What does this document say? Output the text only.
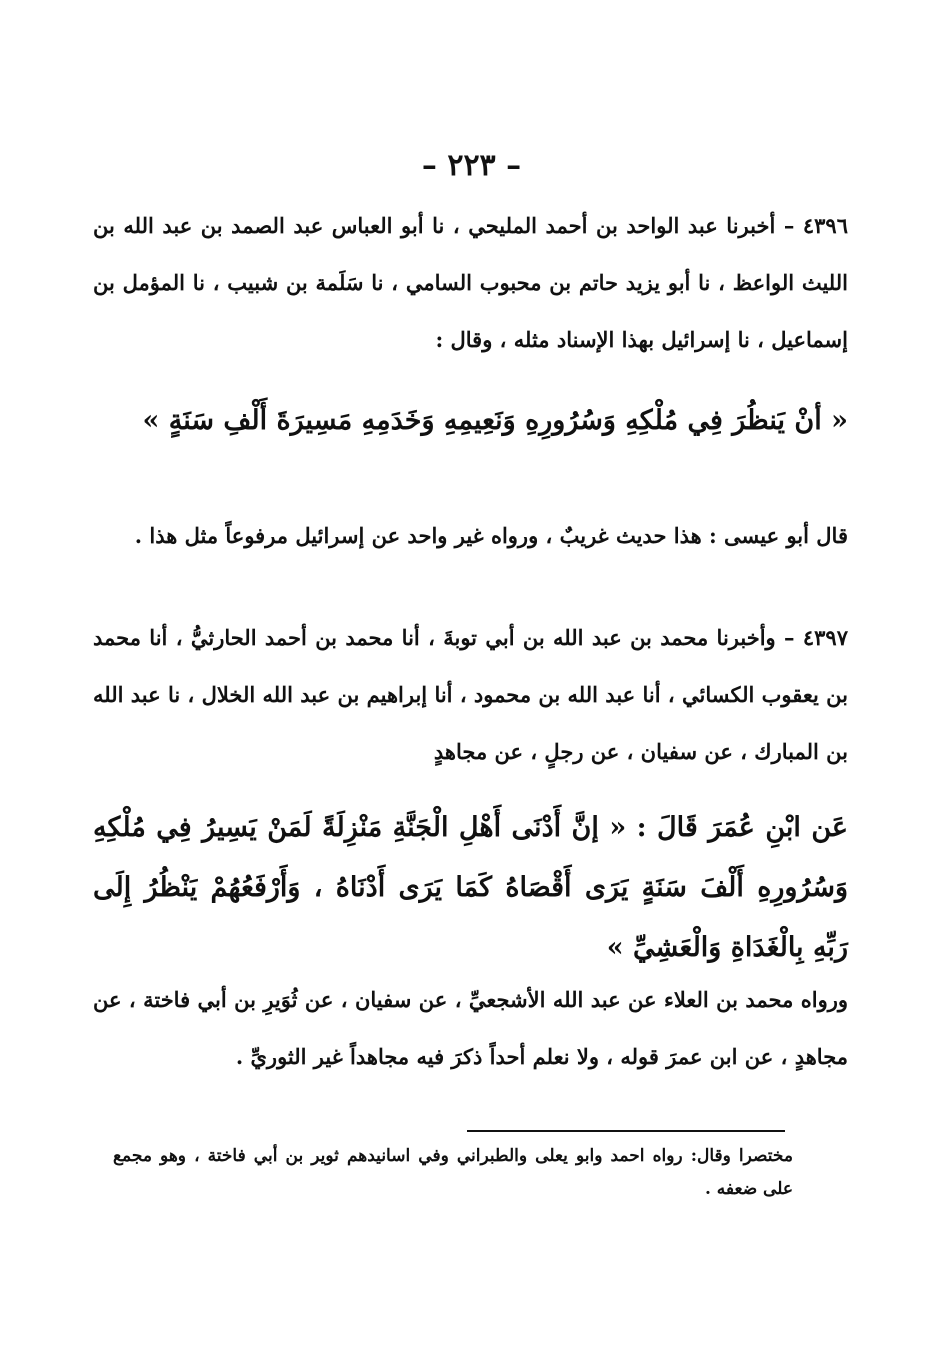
– ٢٢٣ –
٤٣٩٦ – أخبرنا عبد الواحد بن أحمد المليحي ، نا أبو العباس عبد الصمد بن عبد الله بن الليث الواعظ ، نا أبو يزيد حاتم بن محبوب السامي ، نا سَلَمة بن شبيب ، نا المؤمل بن إسماعيل ، نا إسرائيل بهذا الإسناد مثله ، وقال :
« أنْ يَنظُرَ فِي مُلْكِهِ وَسُرُورِهِ وَنَعِيمِهِ وَخَدَمِهِ مَسِيرَةَ أَلْفِ سَنَةٍ »
قال أبو عيسى : هذا حديث غريبٌ ، ورواه غير واحد عن إسرائيل مرفوعاً مثل هذا .
٤٣٩٧ – وأخبرنا محمد بن عبد الله بن أبي توبةَ ، أنا محمد بن أحمد الحارثيُّ ، أنا محمد بن يعقوب الكسائي ، أنا عبد الله بن محمود ، أنا إبراهيم بن عبد الله الخلال ، نا عبد الله بن المبارك ، عن سفيان ، عن رجلٍ ، عن مجاهدٍ
عَن ابْنِ عُمَرَ قَالَ : « إنَّ أَدْنَى أَهْلِ الْجَنَّةِ مَنْزِلَةً لَمَنْ يَسِيرُ فِي مُلْكِهِ وَسُرُورِهِ أَلْفَ سَنَةٍ يَرَى أَقْصَاهُ كَمَا يَرَى أَدْنَاهُ ، وَأَرْفَعُهُمْ يَنْظُرُ إِلَى رَبِّهِ بِالْغَدَاةِ وَالْعَشِيِّ »
ورواه محمد بن العلاء عن عبد الله الأشجعيِّ ، عن سفيان ، عن ثُوَيرِ بن أبي فاختة ، عن مجاهدٍ ، عن ابن عمرَ قوله ، ولا نعلم أحداً ذكرَ فيه مجاهداً غير الثوريِّ .
مختصرا وقال: رواه احمد وابو يعلى والطبراني وفي اسانيدهم ثوير بن أبي فاختة ، وهو مجمع على ضعفه .
